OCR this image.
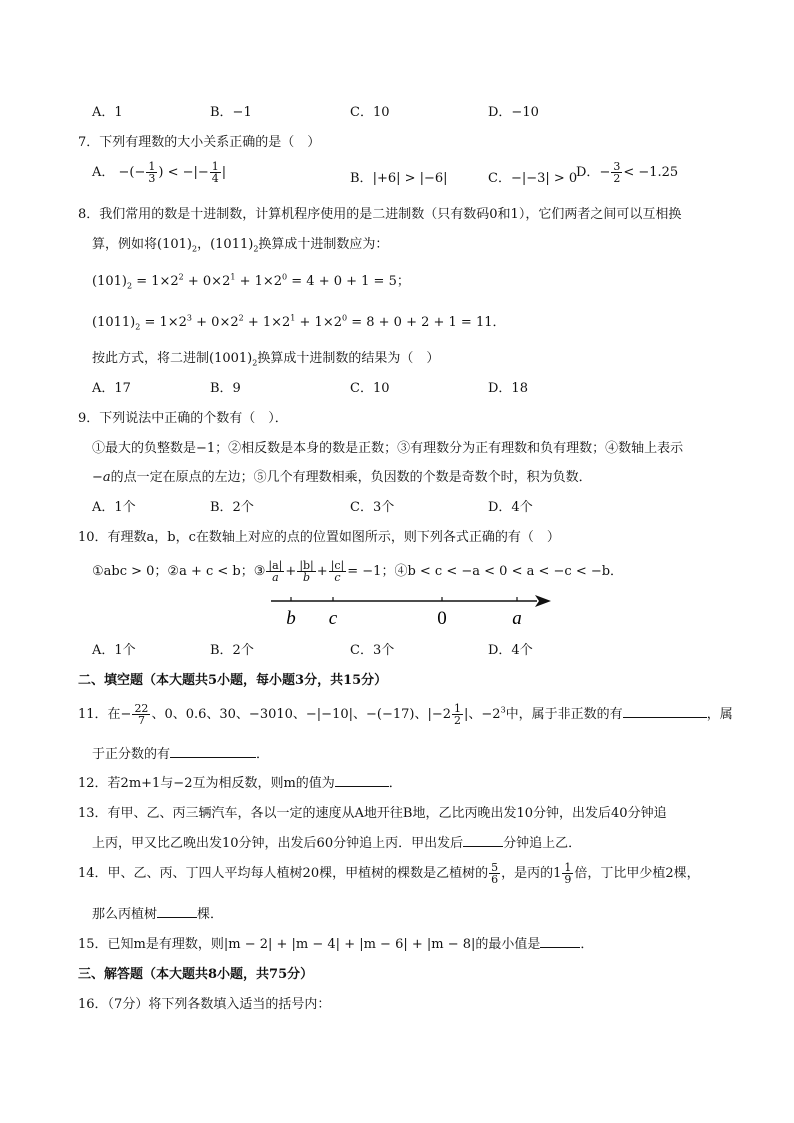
A．1	B．−1	C．10	D．−10
7．下列有理数的大小关系正确的是（　）
A． −(− $\frac{1}{3}$ ) < −|− $\frac{1}{4}$ |	B．|+6| > |−6|	C．−|−3| > 0
D．− $\frac{3}{2} < -1.25$
8．我们常用的数是十进制数，计算机程序使用的是二进制数（只有数码0和1），它们两者之间可以互相换
算，例如将$(101)_2$，$(1011)_2$换算成十进制数应为：
$(101)_2 = 1\times 2^2 + 0\times 2^1 + 1\times 2^0 = 4 + 0 + 1 = 5$；
$(1011)_2 = 1\times 2^3 + 0\times 2^2 + 1\times 2^1 + 1\times 2^0 = 8 + 0 + 2 + 1 = 11$．
按此方式，将二进制$(1001)_2$换算成十进制数的结果为（　）
A．17	B．9	C．10	D．18
9．下列说法中正确的个数有（　）．
①最大的负整数是−1；②相反数是本身的数是正数；③有理数分为正有理数和负有理数；④数轴上表示
−a的点一定在原点的左边；⑤几个有理数相乘，负因数的个数是奇数个时，积为负数．
A．1个	B．2个	C．3个	D．4个
10．有理数a，b，c在数轴上对应的点的位置如图所示，则下列各式正确的有（　）
①abc > 0；②a + c < b；③ $\frac{|a|}{a} + \frac{|b|}{b} + \frac{|c|}{c} = -1$；④b < c < −a < 0 < a < −c < −b．
b c	0	a
A．1个	B．2个	C．3个	D．4个
二、填空题（本大题共5小题，每小题3分，共15分）
11．在− $\frac{22}{7}$ 、0、0.6、30、−3010、−|−10|、−(−17)、$|-2 \frac{1}{2}$ |、$-2^3$中，属于非正数的有	，属
于正分数的有	．
12．若2m+1与−2互为相反数，则m的值为	．
13．有甲、乙、丙三辆汽车，各以一定的速度从A地开往B地，乙比丙晚出发10分钟，出发后40分钟追
上丙，甲又比乙晚出发10分钟，出发后60分钟追上丙．甲出发后	分钟追上乙．
14．甲、乙、丙、丁四人平均每人植树20棵，甲植树的棵数是乙植树的 $\frac{5}{6}$ ，是丙的$1 \frac{1}{9}$ 倍，丁比甲少植2棵，
那么丙植树	棵．
15．已知m是有理数，则|m − 2| + |m − 4| + |m − 6| + |m − 8|的最小值是	．
三、解答题（本大题共8小题，共75分）
16．（7分）将下列各数填入适当的括号内：
